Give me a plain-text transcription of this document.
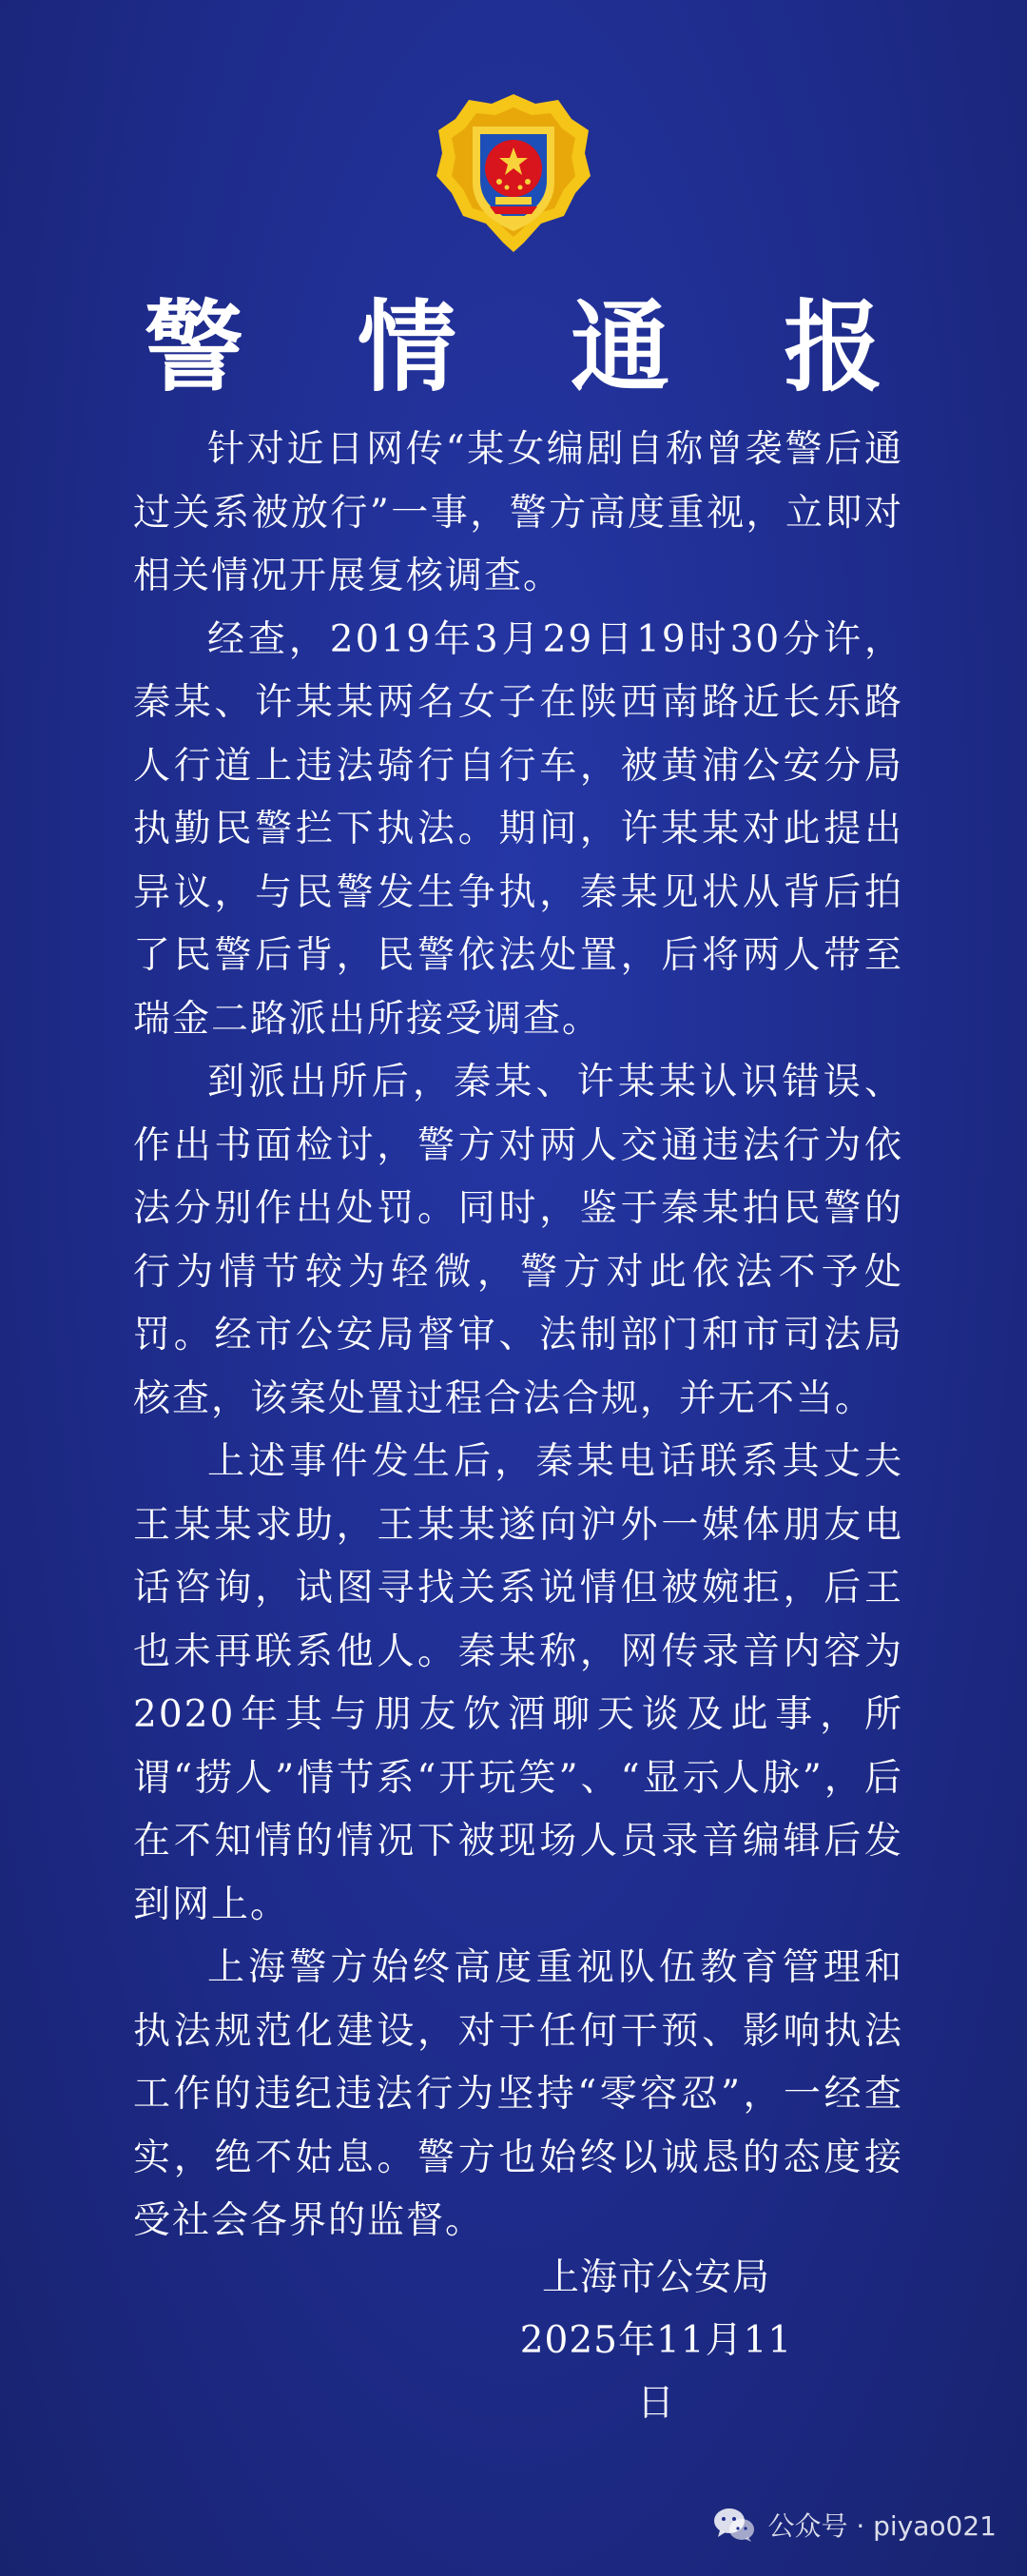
警 情 通 报

针对近日网传“某女编剧自称曾袭警后通过关系被放行”一事，警方高度重视，立即对相关情况开展复核调查。

经查，2019年3月29日19时30分许，秦某、许某某两名女子在陕西南路近长乐路人行道上违法骑行自行车，被黄浦公安分局执勤民警拦下执法。期间，许某某对此提出异议，与民警发生争执，秦某见状从背后拍了民警后背，民警依法处置，后将两人带至瑞金二路派出所接受调查。

到派出所后，秦某、许某某认识错误、作出书面检讨，警方对两人交通违法行为依法分别作出处罚。同时，鉴于秦某拍民警的行为情节较为轻微，警方对此依法不予处罚。经市公安局督审、法制部门和市司法局核查，该案处置过程合法合规，并无不当。

上述事件发生后，秦某电话联系其丈夫王某某求助，王某某遂向沪外一媒体朋友电话咨询，试图寻找关系说情但被婉拒，后王也未再联系他人。秦某称，网传录音内容为2020年其与朋友饮酒聊天谈及此事，所谓“捞人”情节系“开玩笑”、“显示人脉”，后在不知情的情况下被现场人员录音编辑后发到网上。

上海警方始终高度重视队伍教育管理和执法规范化建设，对于任何干预、影响执法工作的违纪违法行为坚持“零容忍”，一经查实，绝不姑息。警方也始终以诚恳的态度接受社会各界的监督。

上海市公安局
2025年11月11日
公众号 · piyao021
